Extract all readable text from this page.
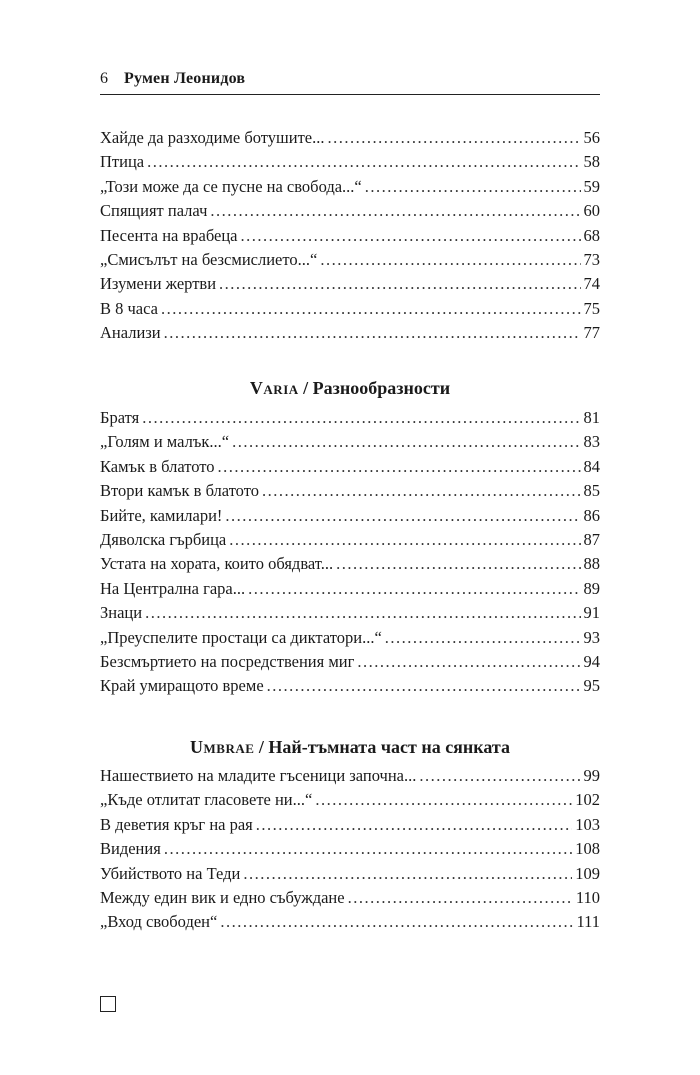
6 Румен Леонидов
Хайде да разходиме ботушите... .....	56
Птица .....	58
„Този може да се пусне на свобода...“ .....	59
Спящият палач .....	60
Песента на врабеца .....	68
„Смисълът на безсмислието...“ .....	73
Изумени жертви .....	74
В 8 часа .....	75
Анализи .....	77
Varia / Разнообразности
Братя .....	81
„Голям и малък...“ .....	83
Камък в блатото .....	84
Втори камък в блатото .....	85
Бийте, камилари! .....	86
Дяволска гърбица .....	87
Устата на хората, които обядват... .....	88
На Централна гара... .....	89
Знаци .....	91
„Преуспелите простаци са диктатори...“ .....	93
Безсмъртието на посредствения миг .....	94
Край умиращото време .....	95
Umbrae / Най-тъмната част на сянката
Нашествието на младите гъсеници започна... .....	99
„Къде отлитат гласовете ни...“ .....	102
В деветия кръг на рая .....	103
Видения .....	108
Убийството на Теди .....	109
Между един вик и едно събуждане .....	110
„Вход свободен“ .....	111
